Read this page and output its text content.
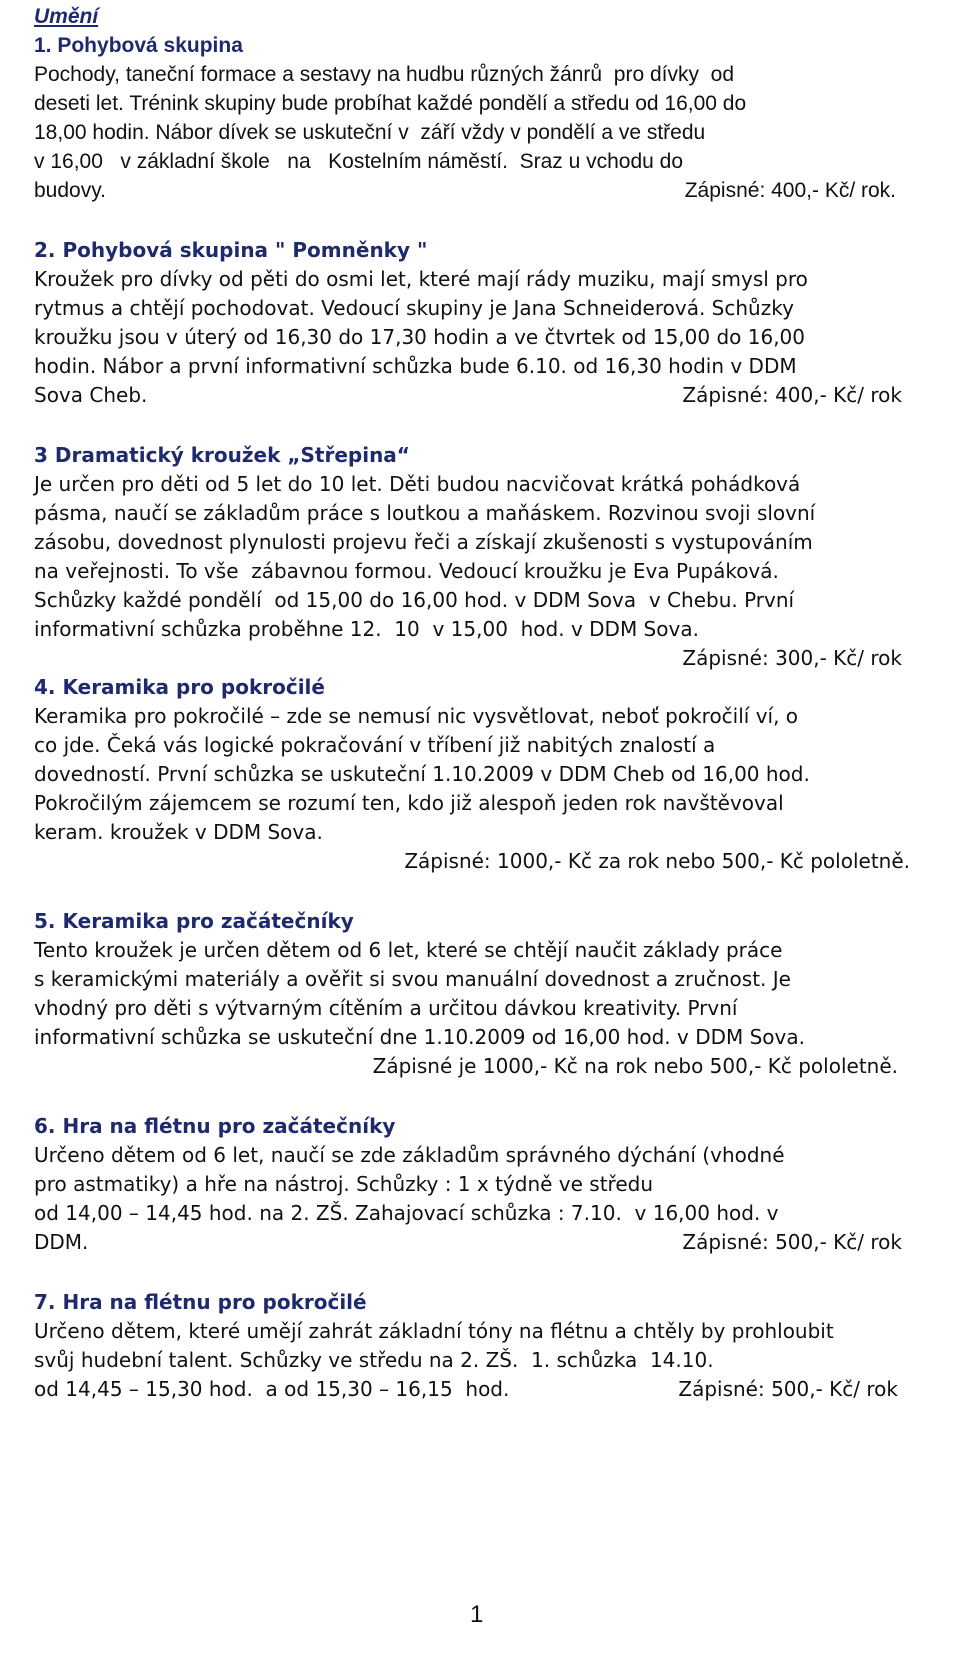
Umění
1. Pohybová skupina
Pochody, taneční formace a sestavy na hudbu různých žánrů  pro dívky  od
deseti let. Trénink skupiny bude probíhat každé pondělí a středu od 16,00 do
18,00 hodin. Nábor dívek se uskuteční v  září vždy v pondělí a ve středu
v 16,00   v základní škole   na   Kostelním náměstí.  Sraz u vchodu do
budovy.	Zápisné: 400,- Kč/ rok.
2. Pohybová skupina " Pomněnky "
Kroužek pro dívky od pěti do osmi let, které mají rády muziku, mají smysl pro
rytmus a chtějí pochodovat. Vedoucí skupiny je Jana Schneiderová. Schůzky
kroužku jsou v úterý od 16,30 do 17,30 hodin a ve čtvrtek od 15,00 do 16,00
hodin. Nábor a první informativní schůzka bude 6.10. od 16,30 hodin v DDM
Sova Cheb.	Zápisné: 400,- Kč/ rok
3 Dramatický kroužek „Střepina“
Je určen pro děti od 5 let do 10 let. Děti budou nacvičovat krátká pohádková
pásma, naučí se základům práce s loutkou a maňáskem. Rozvinou svoji slovní
zásobu, dovednost plynulosti projevu řeči a získají zkušenosti s vystupováním
na veřejnosti. To vše  zábavnou formou. Vedoucí kroužku je Eva Pupáková.
Schůzky každé pondělí  od 15,00 do 16,00 hod. v DDM Sova  v Chebu. První
informativní schůzka proběhne 12.  10  v 15,00  hod. v DDM Sova.
Zápisné: 300,- Kč/ rok
4. Keramika pro pokročilé
Keramika pro pokročilé – zde se nemusí nic vysvětlovat, neboť pokročilí ví, o
co jde. Čeká vás logické pokračování v tříbení již nabitých znalostí a
dovedností. První schůzka se uskuteční 1.10.2009 v DDM Cheb od 16,00 hod.
Pokročilým zájemcem se rozumí ten, kdo již alespoň jeden rok navštěvoval
keram. kroužek v DDM Sova.
Zápisné: 1000,- Kč za rok nebo 500,- Kč pololetně.
5. Keramika pro začátečníky
Tento kroužek je určen dětem od 6 let, které se chtějí naučit základy práce
s keramickými materiály a ověřit si svou manuální dovednost a zručnost. Je
vhodný pro děti s výtvarným cítěním a určitou dávkou kreativity. První
informativní schůzka se uskuteční dne 1.10.2009 od 16,00 hod. v DDM Sova.
Zápisné je 1000,- Kč na rok nebo 500,- Kč pololetně.
6. Hra na flétnu pro začátečníky
Určeno dětem od 6 let, naučí se zde základům správného dýchání (vhodné
pro astmatiky) a hře na nástroj. Schůzky : 1 x týdně ve středu
od 14,00 – 14,45 hod. na 2. ZŠ. Zahajovací schůzka : 7.10.  v 16,00 hod. v
DDM.	Zápisné: 500,- Kč/ rok
7. Hra na flétnu pro pokročilé
Určeno dětem, které umějí zahrát základní tóny na flétnu a chtěly by prohloubit
svůj hudební talent. Schůzky ve středu na 2. ZŠ.  1. schůzka  14.10.
od 14,45 – 15,30 hod.  a od 15,30 – 16,15  hod.	Zápisné: 500,- Kč/ rok
1
